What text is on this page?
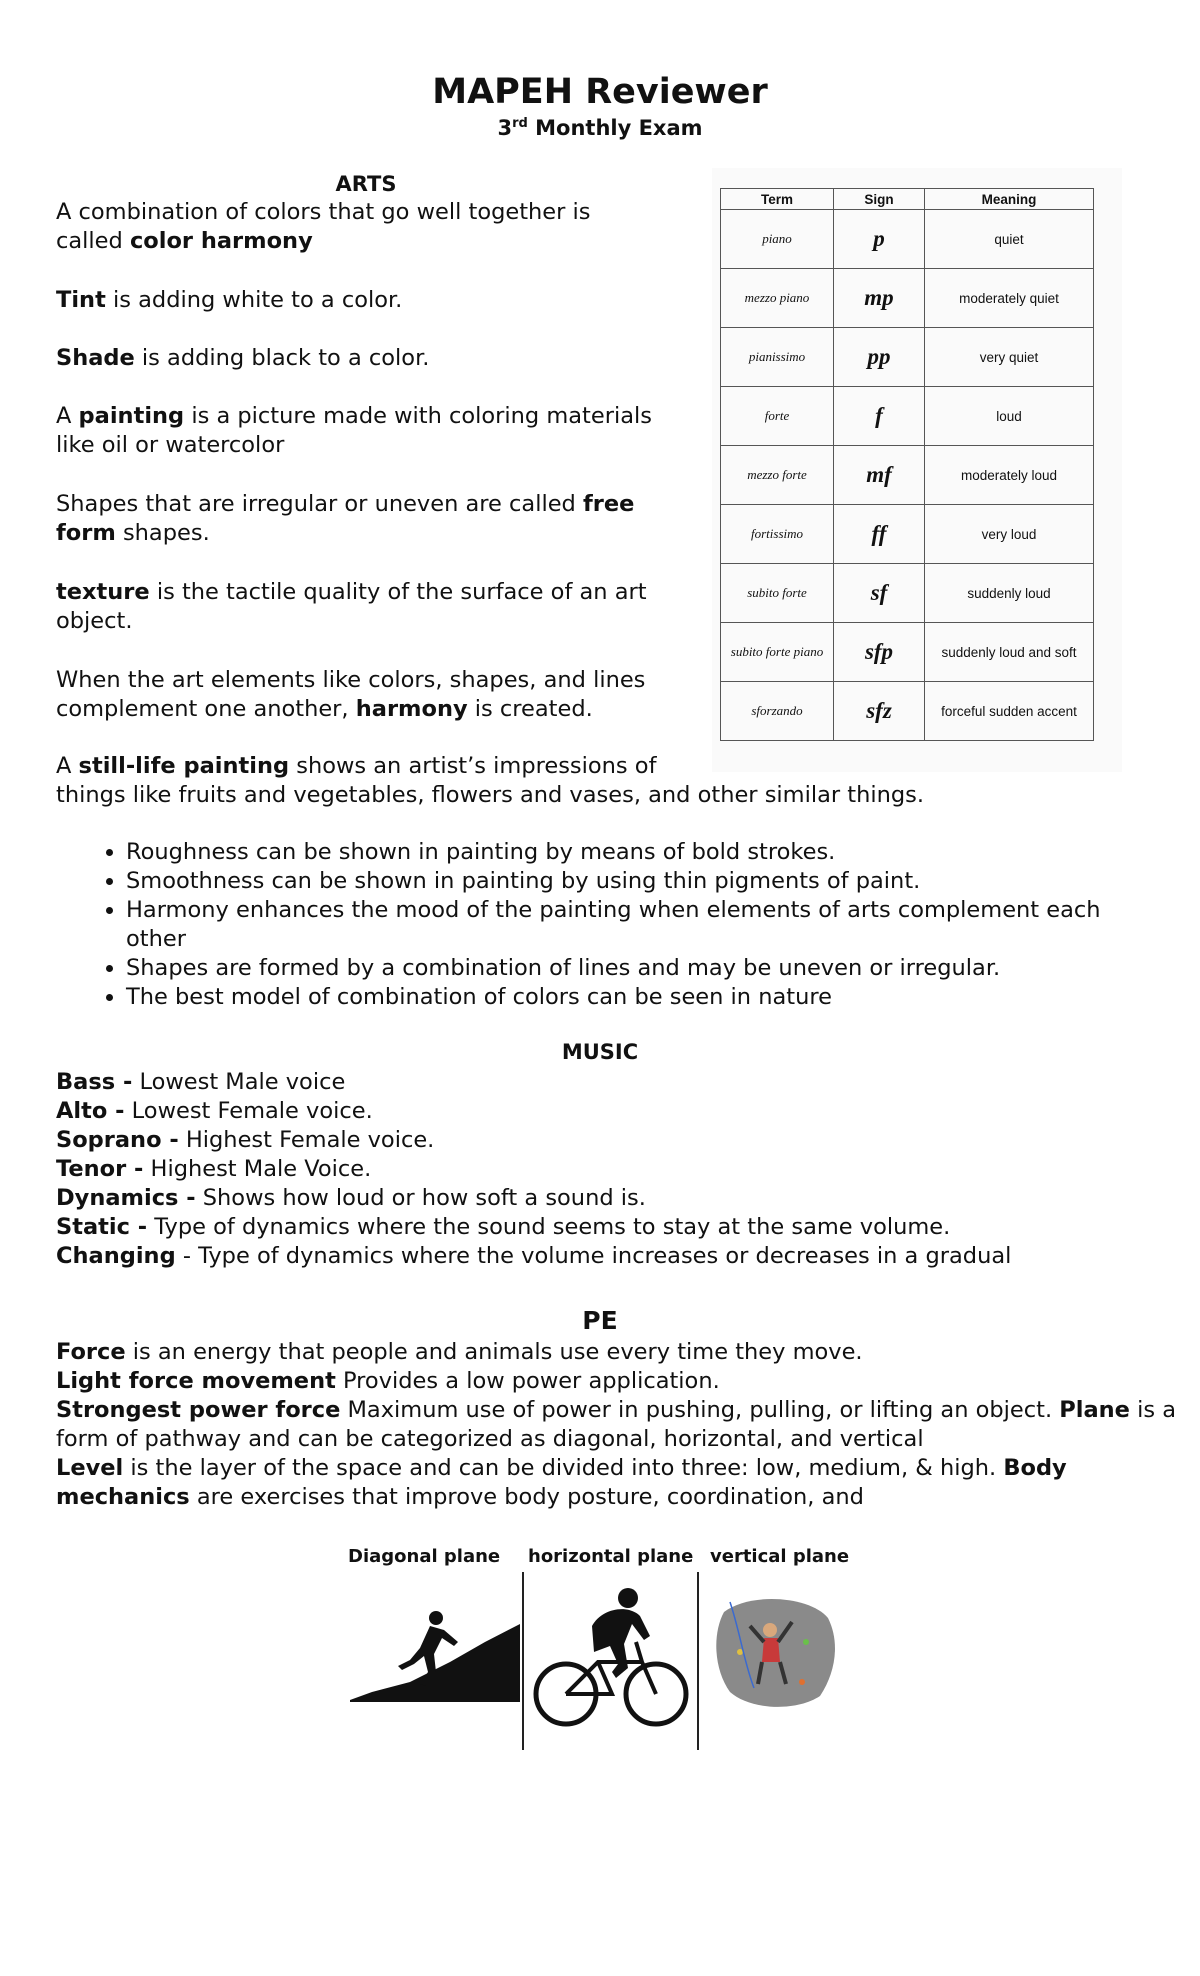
MAPEH Reviewer
3rd Monthly Exam
ARTS
A combination of colors that go well together is
called color harmony
Tint is adding white to a color.
Shade is adding black to a color.
A painting is a picture made with coloring materials
like oil or watercolor
Shapes that are irregular or uneven are called free
form shapes.
texture is the tactile quality of the surface of an art
object.
When the art elements like colors, shapes, and lines
complement one another, harmony is created.
A still-life painting shows an artist’s impressions of
things like fruits and vegetables, flowers and vases, and other similar things.
Term	Sign	Meaning
piano	p	quiet
mezzo piano	mp	moderately quiet
pianissimo	pp	very quiet
forte	f	loud
mezzo forte	mf	moderately loud
fortissimo	ff	very loud
subito forte	sf	suddenly loud
subito forte piano	sfp	suddenly loud and soft
sforzando	sfz	forceful sudden accent
• Roughness can be shown in painting by means of bold strokes.
• Smoothness can be shown in painting by using thin pigments of paint.
• Harmony enhances the mood of the painting when elements of arts complement each other
• Shapes are formed by a combination of lines and may be uneven or irregular.
• The best model of combination of colors can be seen in nature
MUSIC
Bass - Lowest Male voice
Alto - Lowest Female voice.
Soprano - Highest Female voice.
Tenor - Highest Male Voice.
Dynamics - Shows how loud or how soft a sound is.
Static - Type of dynamics where the sound seems to stay at the same volume.
Changing - Type of dynamics where the volume increases or decreases in a gradual
PE
Force is an energy that people and animals use every time they move.
Light force movement Provides a low power application.
Strongest power force Maximum use of power in pushing, pulling, or lifting an object. Plane is a
form of pathway and can be categorized as diagonal, horizontal, and vertical
Level is the layer of the space and can be divided into three: low, medium, & high. Body
mechanics are exercises that improve body posture, coordination, and
Diagonal plane horizontal plane vertical plane
